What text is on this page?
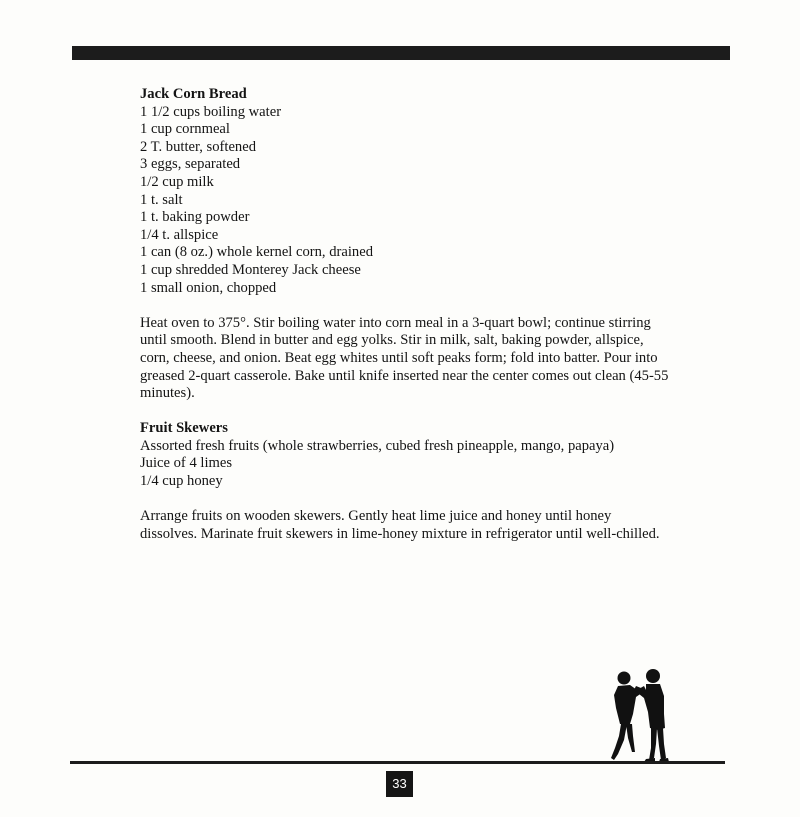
Jack Corn Bread
1 1/2 cups boiling water
1 cup cornmeal
2 T. butter, softened
3 eggs, separated
1/2 cup milk
1 t. salt
1 t. baking powder
1/4 t. allspice
1 can (8 oz.) whole kernel corn, drained
1 cup shredded Monterey Jack cheese
1 small onion, chopped

Heat oven to 375°. Stir boiling water into corn meal in a 3-quart bowl; continue stirring until smooth. Blend in butter and egg yolks. Stir in milk, salt, baking powder, allspice, corn, cheese, and onion. Beat egg whites until soft peaks form; fold into batter. Pour into greased 2-quart casserole. Bake until knife inserted near the center comes out clean (45-55 minutes).

Fruit Skewers
Assorted fresh fruits (whole strawberries, cubed fresh pineapple, mango, papaya)
Juice of 4 limes
1/4 cup honey

Arrange fruits on wooden skewers. Gently heat lime juice and honey until honey dissolves. Marinate fruit skewers in lime-honey mixture in refrigerator until well-chilled.

33
